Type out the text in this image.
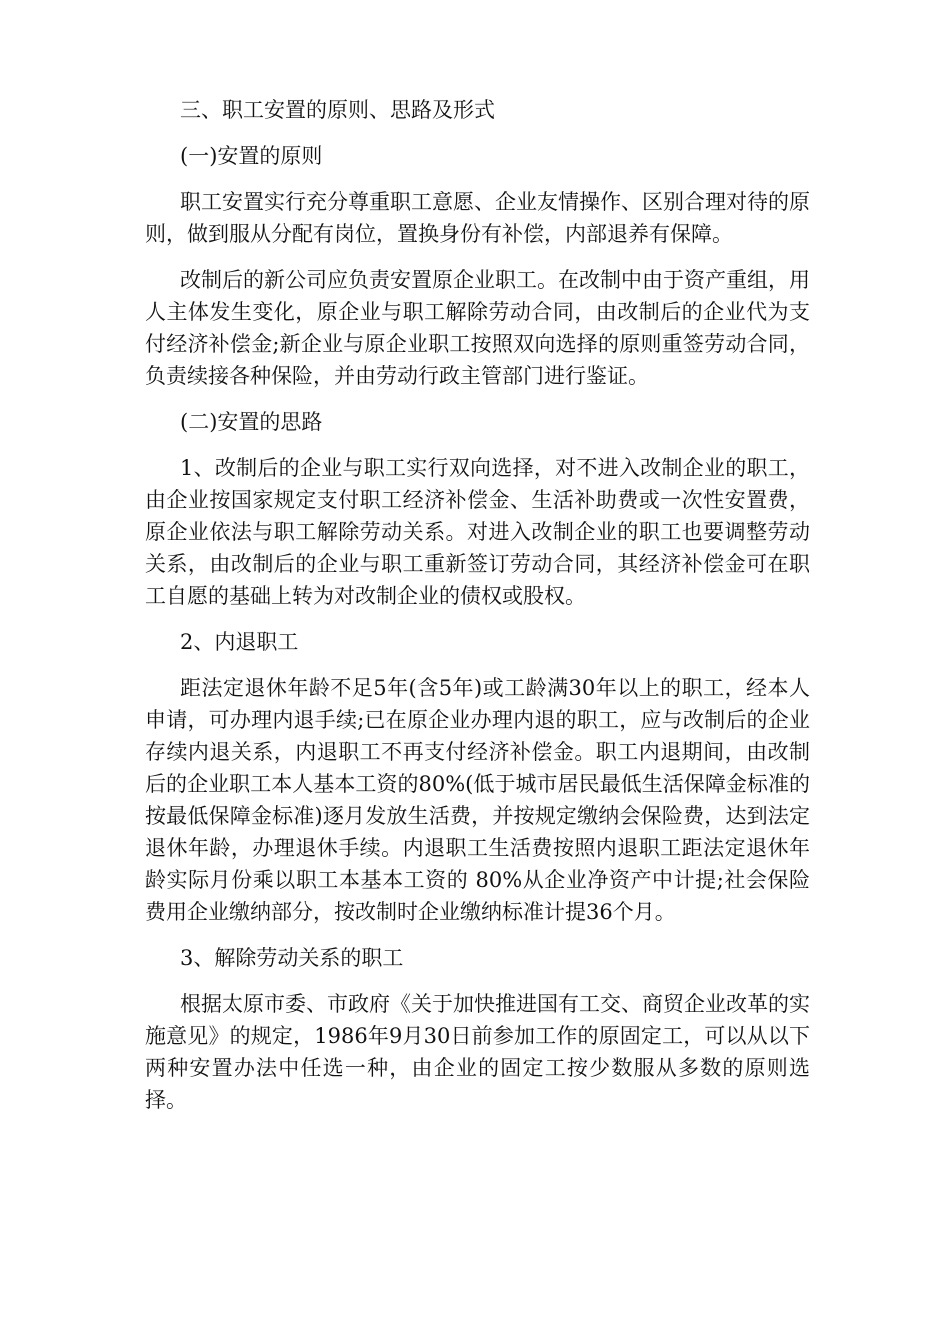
三、职工安置的原则、思路及形式

(一)安置的原则

职工安置实行充分尊重职工意愿、企业友情操作、区别合理对待的原则，做到服从分配有岗位，置换身份有补偿，内部退养有保障。

改制后的新公司应负责安置原企业职工。在改制中由于资产重组，用人主体发生变化，原企业与职工解除劳动合同，由改制后的企业代为支付经济补偿金;新企业与原企业职工按照双向选择的原则重签劳动合同，负责续接各种保险，并由劳动行政主管部门进行鉴证。

(二)安置的思路

1、改制后的企业与职工实行双向选择，对不进入改制企业的职工，由企业按国家规定支付职工经济补偿金、生活补助费或一次性安置费，原企业依法与职工解除劳动关系。对进入改制企业的职工也要调整劳动关系，由改制后的企业与职工重新签订劳动合同，其经济补偿金可在职工自愿的基础上转为对改制企业的债权或股权。

2、内退职工

距法定退休年龄不足5年(含5年)或工龄满30年以上的职工，经本人申请，可办理内退手续;已在原企业办理内退的职工，应与改制后的企业存续内退关系，内退职工不再支付经济补偿金。职工内退期间，由改制后的企业职工本人基本工资的80%(低于城市居民最低生活保障金标准的按最低保障金标准)逐月发放生活费，并按规定缴纳会保险费，达到法定退休年龄，办理退休手续。内退职工生活费按照内退职工距法定退休年龄实际月份乘以职工本基本工资的 80%从企业净资产中计提;社会保险费用企业缴纳部分，按改制时企业缴纳标准计提36个月。

3、解除劳动关系的职工

根据太原市委、市政府《关于加快推进国有工交、商贸企业改革的实施意见》的规定，1986年9月30日前参加工作的原固定工，可以从以下两种安置办法中任选一种，由企业的固定工按少数服从多数的原则选择。
